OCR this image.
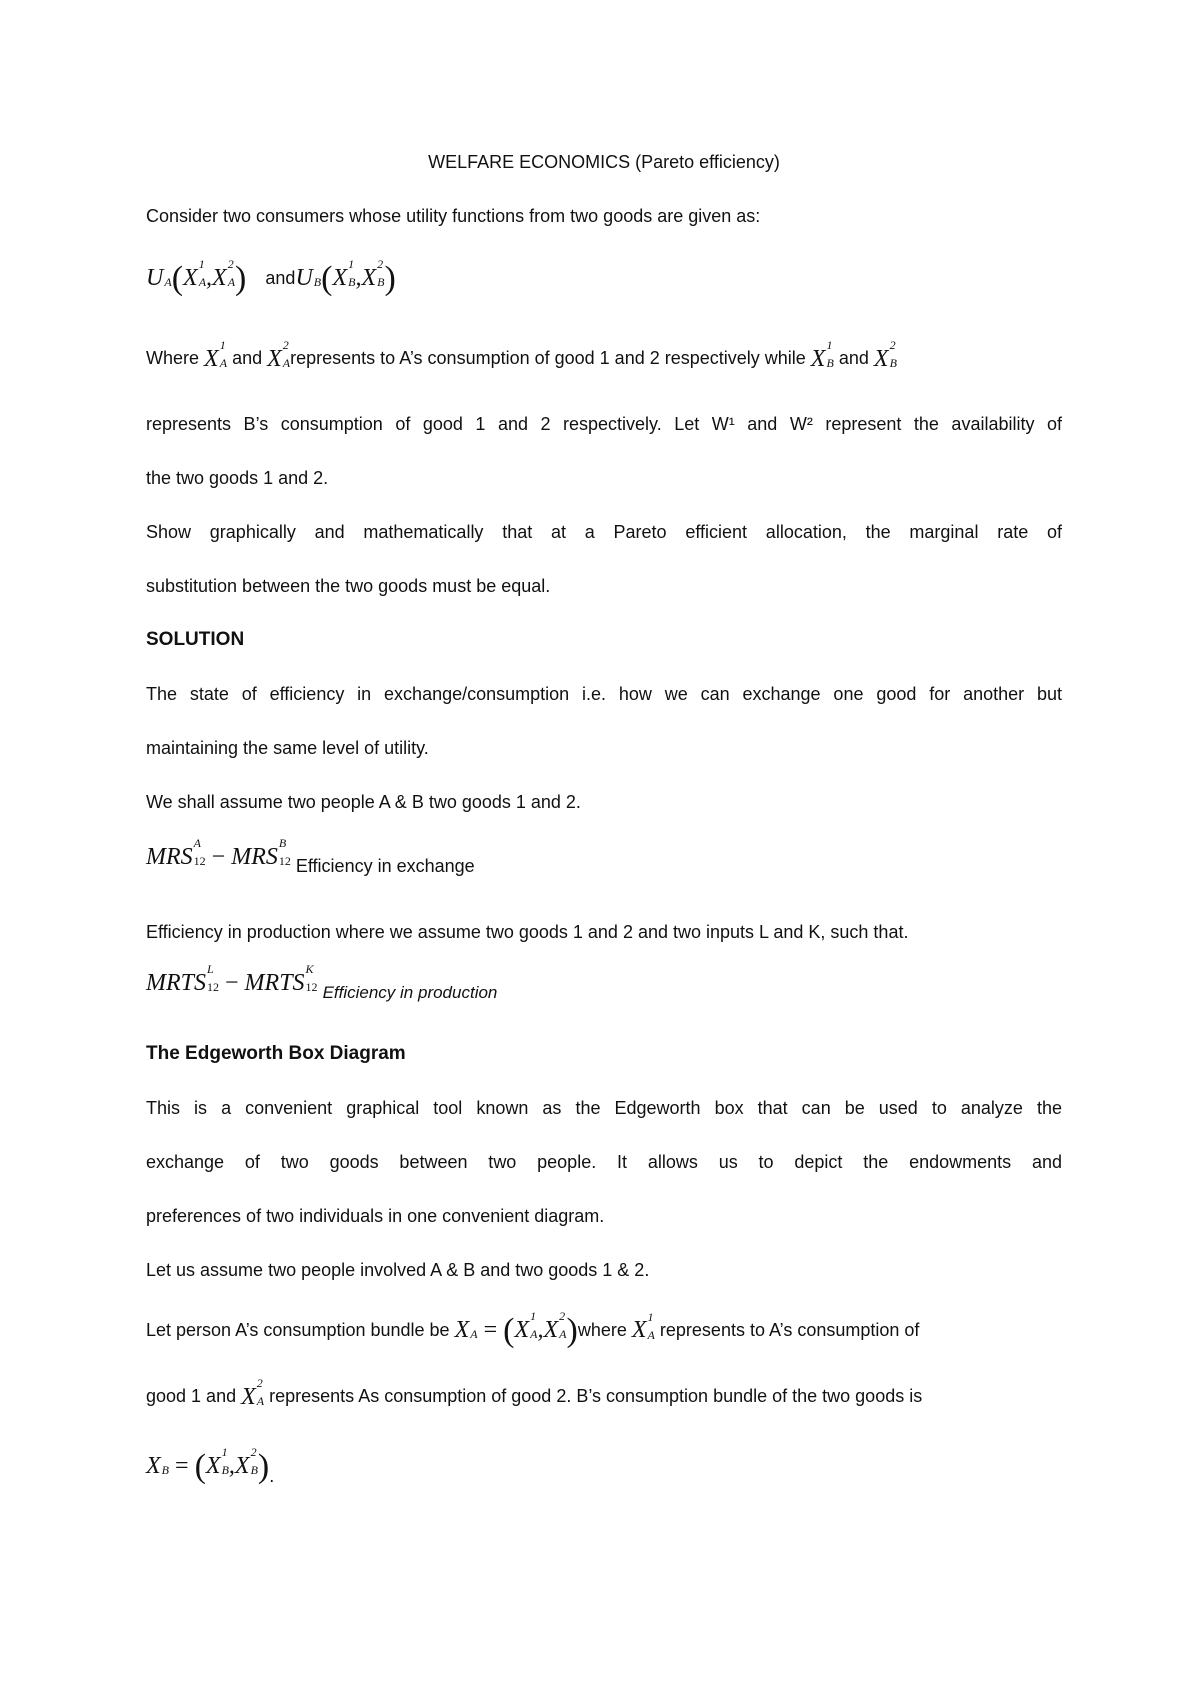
WELFARE ECONOMICS (Pareto efficiency)
Consider two consumers whose utility functions from two goods are given as:
U
A (X
1
A ,X
2
A ) andU
B (X
1
B ,X
2
B )
Where X
1
A and X
2
A represents to A’s consumption of good 1 and 2 respectively while X
1
B and X
2
B
represents B’s consumption of good 1 and 2 respectively. Let W¹ and W² represent the availability of
the two goods 1 and 2.
Show graphically and mathematically that at a Pareto efficient allocation, the marginal rate of
substitution between the two goods must be equal.
SOLUTION
The state of efficiency in exchange/consumption i.e. how we can exchange one good for another but
maintaining the same level of utility.
We shall assume two people A & B two goods 1 and 2.
MRS
A
12 − MRS
B
12 Efficiency in exchange
Efficiency in production where we assume two goods 1 and 2 and two inputs L and K, such that.
MRTS
L
12 − MRTS
K
12 Efficiency in production
The Edgeworth Box Diagram
This is a convenient graphical tool known as the Edgeworth box that can be used to analyze the
exchange of two goods between two people. It allows us to depict the endowments and
preferences of two individuals in one convenient diagram.
Let us assume two people involved A & B and two goods 1 & 2.
Let person A’s consumption bundle be X
A = (X
1
A ,X
2
A )where X
1
A represents to A’s consumption of
good 1 and X
2
A represents As consumption of good 2. B’s consumption bundle of the two goods is
X
B = (X
1
B ,X
2
B ).
